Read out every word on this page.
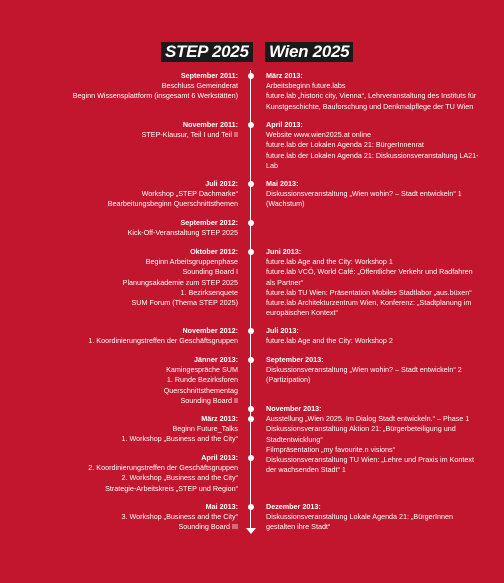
STEP 2025 Wien 2025
September 2011:
Beschluss Gemeinderat
Beginn Wissensplattform (insgesamt 6 Werkstätten)
November 2011:
STEP-Klausur, Teil I und Teil II
Juli 2012:
Workshop „STEP Dachmarke“
Bearbeitungsbeginn Querschnittsthemen
September 2012:
Kick-Off-Veranstaltung STEP 2025
Oktober 2012:
Beginn Arbeitsgruppenphase
Sounding Board I
Planungsakademie zum STEP 2025
1. Bezirksenquete
SUM Forum (Thema STEP 2025)
November 2012:
1. Koordinierungstreffen der Geschäftsgruppen
Jänner 2013:
Kamingespräche SUM
1. Runde Bezirksforen
Querschnittsthementag
Sounding Board II
März 2013:
Beginn Future_Talks
1. Workshop „Business and the City“
April 2013:
2. Koordinierungstreffen der Geschäftsgruppen
2. Workshop „Business and the City“
Strategie-Arbeitskreis „STEP und Region“
Mai 2013:
3. Workshop „Business and the City“
Sounding Board III
März 2013:
Arbeitsbeginn future.labs
future.lab „historic city, Vienna“, Lehrveranstaltung des Instituts für Kunstgeschichte, Bauforschung und Denkmalpflege der TU Wien
April 2013:
Website www.wien2025.at online
future.lab der Lokalen Agenda 21: BürgerInnenrat
future.lab der Lokalen Agenda 21: Diskussionsveranstaltung LA21-Lab
Mai 2013:
Diskussionsveranstaltung „Wien wohin? – Stadt entwickeln“ 1 (Wachstum)
Juni 2013:
future.lab Age and the City: Workshop 1
future.lab VCÖ, World Café: „Öffentlicher Verkehr und Radfahren als Partner“
future.lab TU Wien: Präsentation Mobiles Stadtlabor „aus.büxen“
future.lab Architekturzentrum Wien, Konferenz: „Stadtplanung im europäischen Kontext“
Juli 2013:
future.lab Age and the City: Workshop 2
September 2013:
Diskussionsveranstaltung „Wien wohin? – Stadt entwickeln“ 2 (Partizipation)
November 2013:
Ausstellung „Wien 2025. Im Dialog Stadt entwickeln.“ – Phase 1
Diskussionsveranstaltung Aktion 21: „Bürgerbeteiligung und Stadtentwicklung“
Filmpräsentation „my favourite.n visions“
Diskussionsveranstaltung TU Wien: „Lehre und Praxis im Kontext der wachsenden Stadt“ 1
Dezember 2013:
Diskussionsveranstaltung Lokale Agenda 21: „BürgerInnen gestalten ihre Stadt“
